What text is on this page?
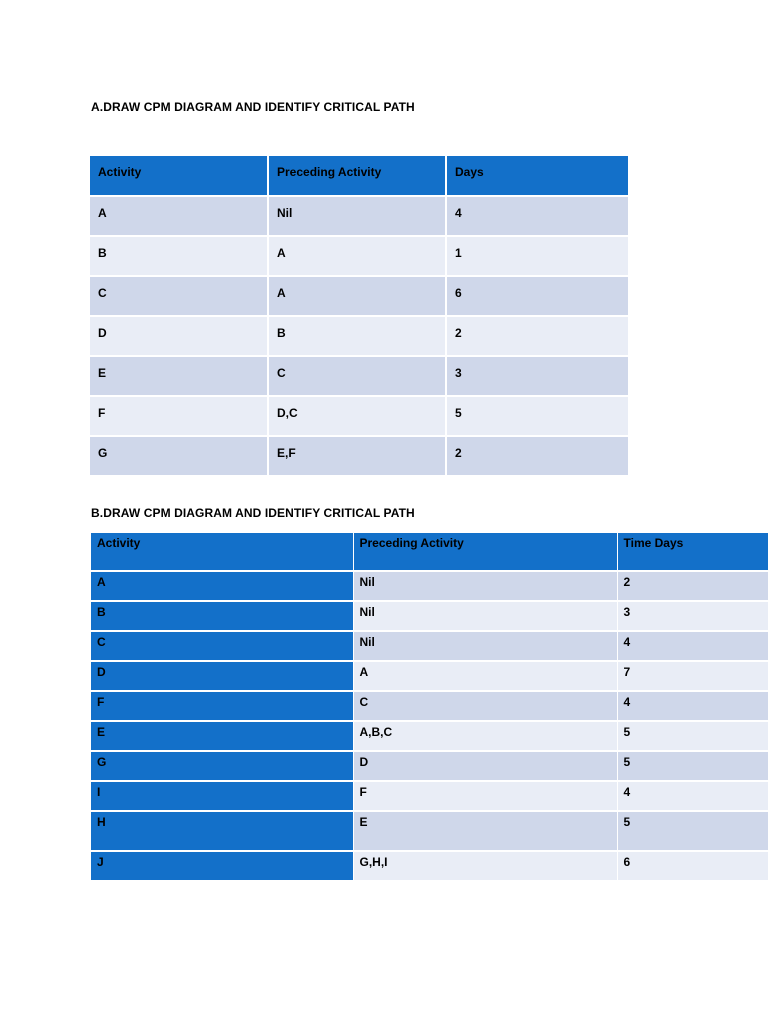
A.DRAW CPM DIAGRAM AND IDENTIFY CRITICAL PATH
Activity	Preceding Activity	Days
A	Nil	4
B	A	1
C	A	6
D	B	2
E	C	3
F	D,C	5
G	E,F	2
B.DRAW CPM DIAGRAM AND IDENTIFY CRITICAL PATH
Activity	Preceding Activity	Time Days
A	Nil	2
B	Nil	3
C	Nil	4
D	A	7
F	C	4
E	A,B,C	5
G	D	5
I	F	4
H	E	5
J	G,H,I	6
